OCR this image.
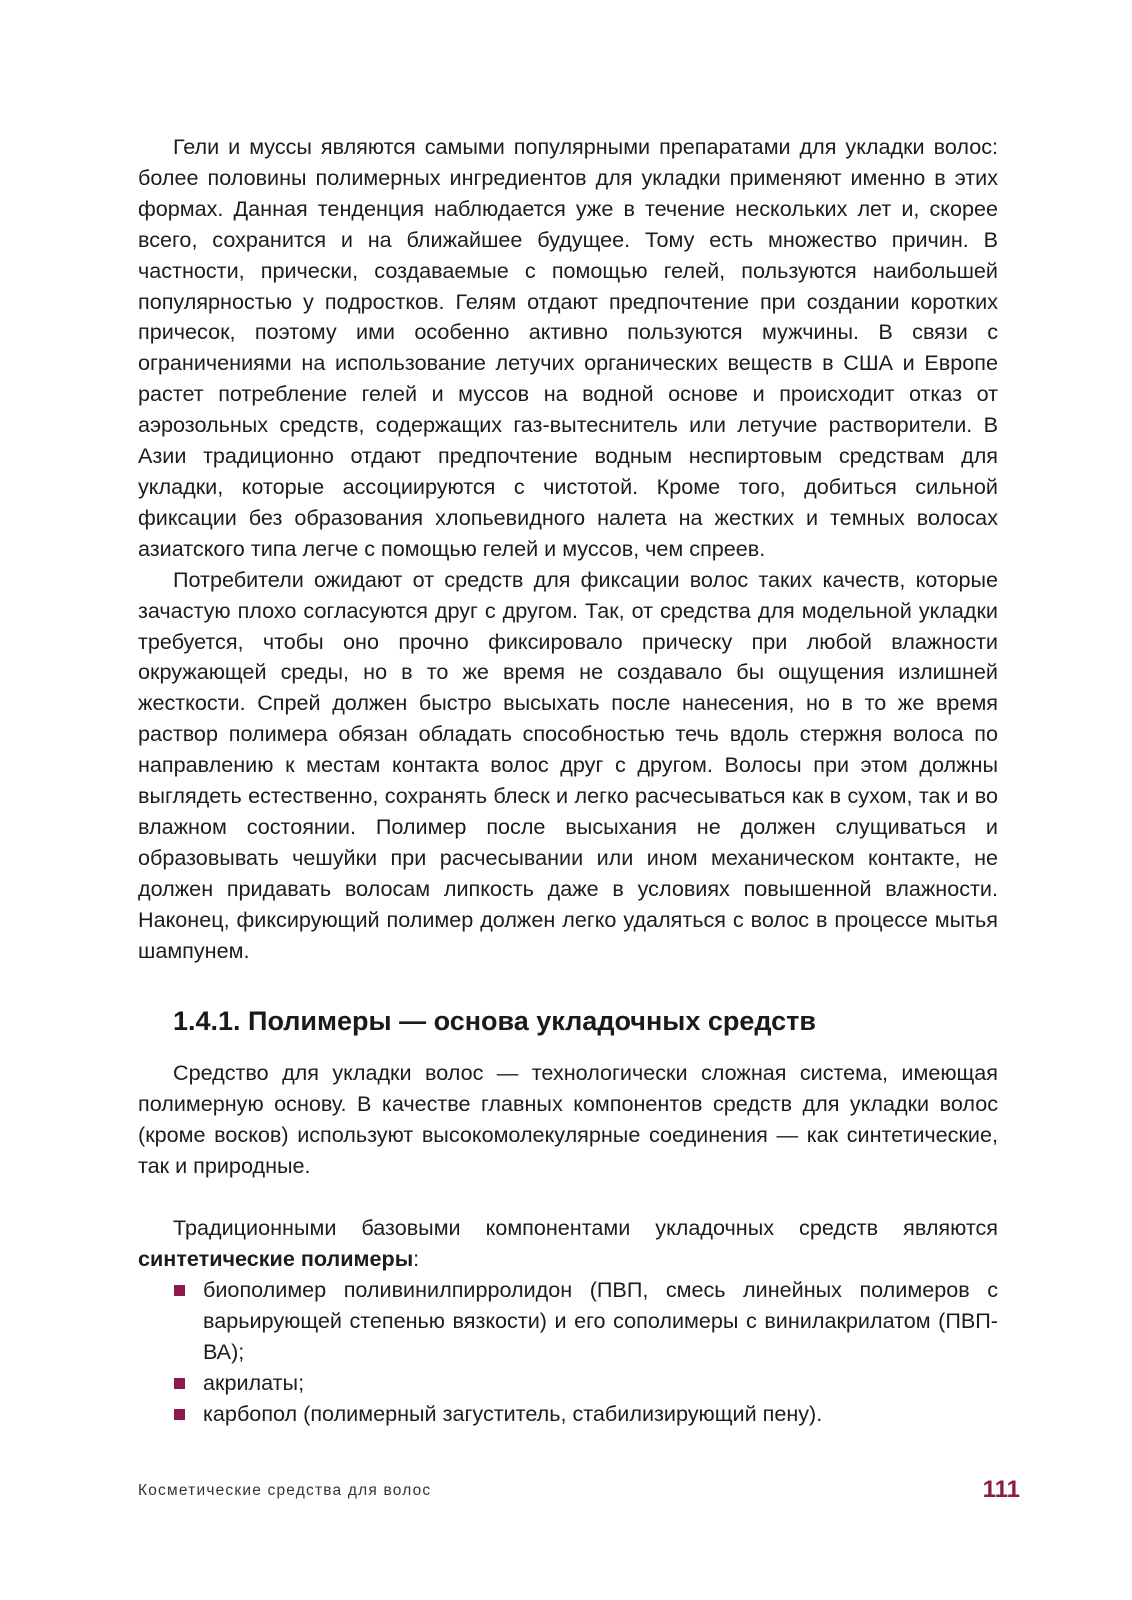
Гели и муссы являются самыми популярными препаратами для укладки волос: более половины полимерных ингредиентов для укладки применяют именно в этих формах. Данная тенденция наблюдается уже в течение нескольких лет и, скорее всего, сохранится и на ближайшее будущее. Тому есть множество причин. В частности, прически, создаваемые с помощью гелей, пользуются наибольшей популярностью у подростков. Гелям отдают предпочтение при создании коротких причесок, поэтому ими особенно активно пользуются мужчины. В связи с ограничениями на использование летучих органических веществ в США и Европе растет потребление гелей и муссов на водной основе и происходит отказ от аэрозольных средств, содержащих газ-вытеснитель или летучие растворители. В Азии традиционно отдают предпочтение водным неспиртовым средствам для укладки, которые ассоциируются с чистотой. Кроме того, добиться сильной фиксации без образования хлопьевидного налета на жестких и темных волосах азиатского типа легче с помощью гелей и муссов, чем спреев.

Потребители ожидают от средств для фиксации волос таких качеств, которые зачастую плохо согласуются друг с другом. Так, от средства для модельной укладки требуется, чтобы оно прочно фиксировало прическу при любой влажности окружающей среды, но в то же время не создавало бы ощущения излишней жесткости. Спрей должен быстро высыхать после нанесения, но в то же время раствор полимера обязан обладать способностью течь вдоль стержня волоса по направлению к местам контакта волос друг с другом. Волосы при этом должны выглядеть естественно, сохранять блеск и легко расчесываться как в сухом, так и во влажном состоянии. Полимер после высыхания не должен слущиваться и образовывать чешуйки при расчесывании или ином механическом контакте, не должен придавать волосам липкость даже в условиях повышенной влажности. Наконец, фиксирующий полимер должен легко удаляться с волос в процессе мытья шампунем.

1.4.1. Полимеры — основа укладочных средств

Средство для укладки волос — технологически сложная система, имеющая полимерную основу. В качестве главных компонентов средств для укладки волос (кроме восков) используют высокомолекулярные соединения — как синтетические, так и природные.

Традиционными базовыми компонентами укладочных средств являются синтетические полимеры:

биополимер поливинилпирролидон (ПВП, смесь линейных полимеров с варьирующей степенью вязкости) и его сополимеры с винилакрилатом (ПВП-ВА);
акрилаты;
карбопол (полимерный загуститель, стабилизирующий пену).
Косметические средства для волос	111
